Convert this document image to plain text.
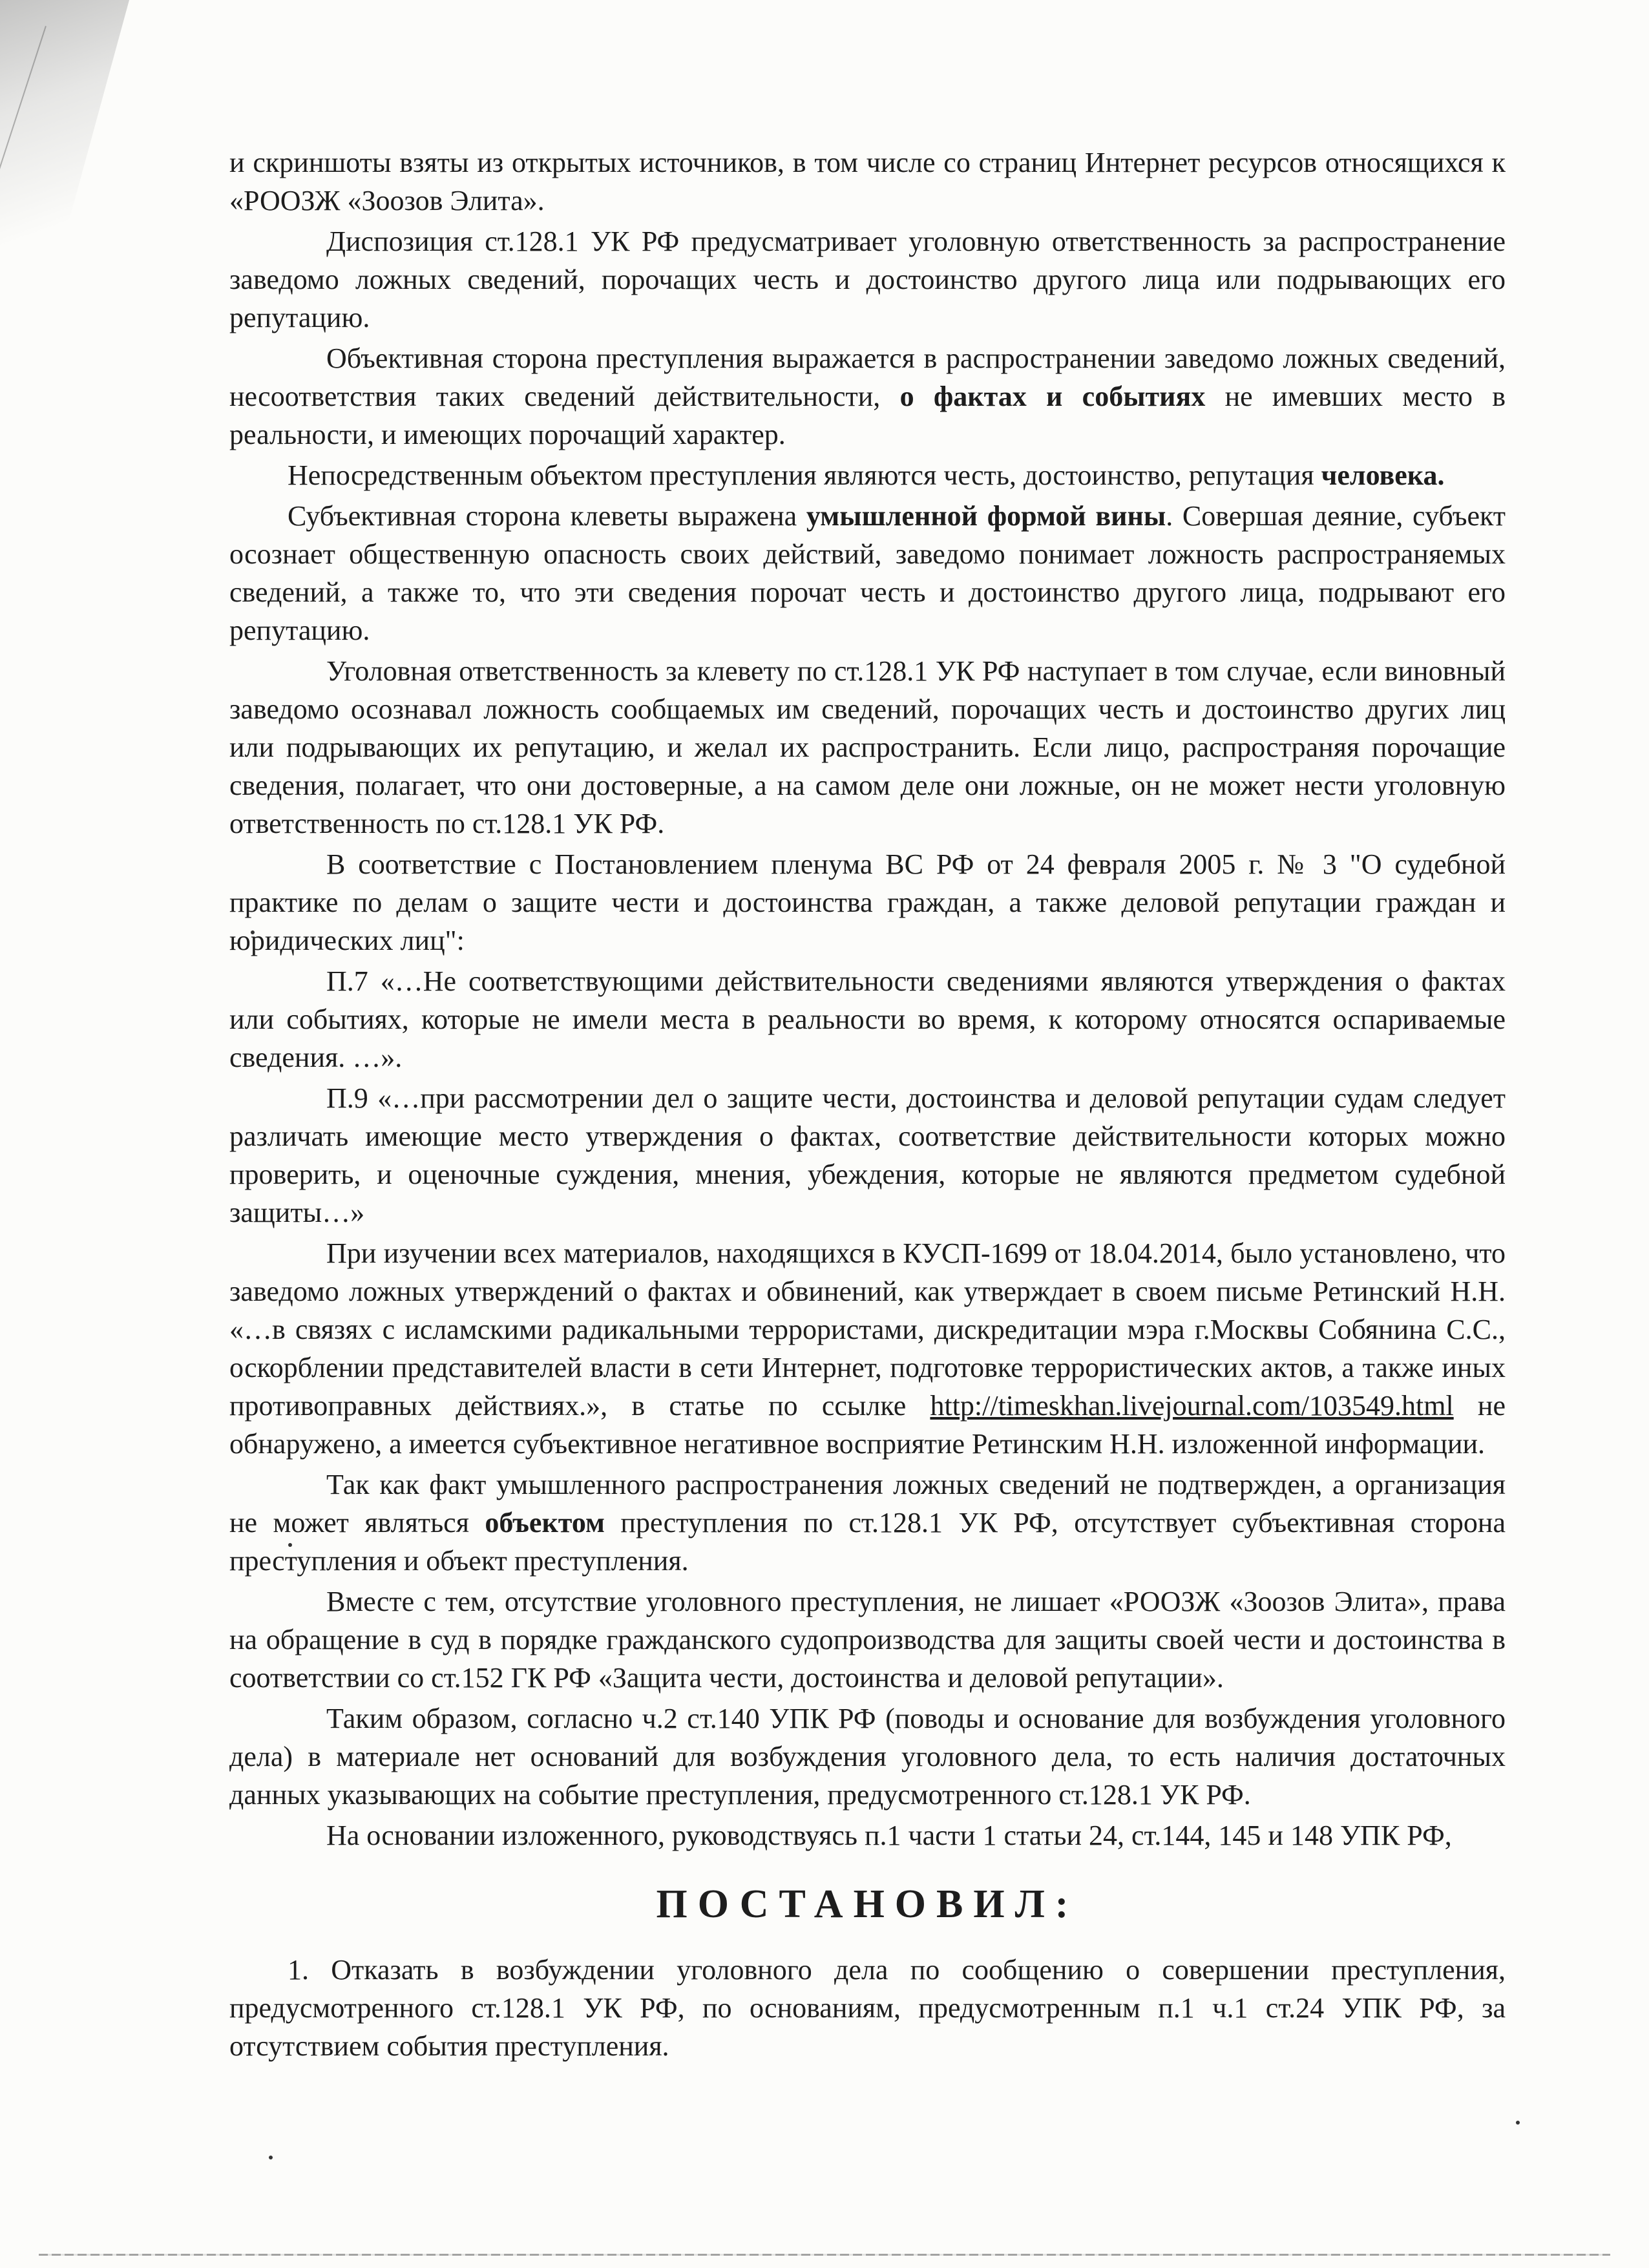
и скриншоты взяты из открытых источников, в том числе со страниц Интернет ресурсов относящихся к «РООЗЖ «Зоозов Элита».

Диспозиция ст.128.1 УК РФ предусматривает уголовную ответственность за распространение заведомо ложных сведений, порочащих честь и достоинство другого лица или подрывающих его репутацию.

Объективная сторона преступления выражается в распространении заведомо ложных сведений, несоответствия таких сведений действительности, о фактах и событиях не имевших место в реальности, и имеющих порочащий характер.

Непосредственным объектом преступления являются честь, достоинство, репутация человека.

Субъективная сторона клеветы выражена умышленной формой вины. Совершая деяние, субъект осознает общественную опасность своих действий, заведомо понимает ложность распространяемых сведений, а также то, что эти сведения порочат честь и достоинство другого лица, подрывают его репутацию.

Уголовная ответственность за клевету по ст.128.1 УК РФ наступает в том случае, если виновный заведомо осознавал ложность сообщаемых им сведений, порочащих честь и достоинство других лиц или подрывающих их репутацию, и желал их распространить. Если лицо, распространяя порочащие сведения, полагает, что они достоверные, а на самом деле они ложные, он не может нести уголовную ответственность по ст.128.1 УК РФ.

В соответствие с Постановлением пленума ВС РФ от 24 февраля 2005 г. № 3 "О судебной практике по делам о защите чести и достоинства граждан, а также деловой репутации граждан и юридических лиц":

П.7 «…Не соответствующими действительности сведениями являются утверждения о фактах или событиях, которые не имели места в реальности во время, к которому относятся оспариваемые сведения. …».

П.9 «…при рассмотрении дел о защите чести, достоинства и деловой репутации судам следует различать имеющие место утверждения о фактах, соответствие действительности которых можно проверить, и оценочные суждения, мнения, убеждения, которые не являются предметом судебной защиты…»

При изучении всех материалов, находящихся в КУСП-1699 от 18.04.2014, было установлено, что заведомо ложных утверждений о фактах и обвинений, как утверждает в своем письме Ретинский Н.Н. «…в связях с исламскими радикальными террористами, дискредитации мэра г.Москвы Собянина С.С., оскорблении представителей власти в сети Интернет, подготовке террористических актов, а также иных противоправных действиях.», в статье по ссылке http://timeskhan.livejournal.com/103549.html не обнаружено, а имеется субъективное негативное восприятие Ретинским Н.Н. изложенной информации.

Так как факт умышленного распространения ложных сведений не подтвержден, а организация не может являться объектом преступления по ст.128.1 УК РФ, отсутствует субъективная сторона преступления и объект преступления.

Вместе с тем, отсутствие уголовного преступления, не лишает «РООЗЖ «Зоозов Элита», права на обращение в суд в порядке гражданского судопроизводства для защиты своей чести и достоинства в соответствии со ст.152 ГК РФ «Защита чести, достоинства и деловой репутации».

Таким образом, согласно ч.2 ст.140 УПК РФ (поводы и основание для возбуждения уголовного дела) в материале нет оснований для возбуждения уголовного дела, то есть наличия достаточных данных указывающих на событие преступления, предусмотренного ст.128.1 УК РФ.

На основании изложенного, руководствуясь п.1 части 1 статьи 24, ст.144, 145 и 148 УПК РФ,

ПОСТАНОВИЛ:

1. Отказать в возбуждении уголовного дела по сообщению о совершении преступления, предусмотренного ст.128.1 УК РФ, по основаниям, предусмотренным п.1 ч.1 ст.24 УПК РФ, за отсутствием события преступления.
